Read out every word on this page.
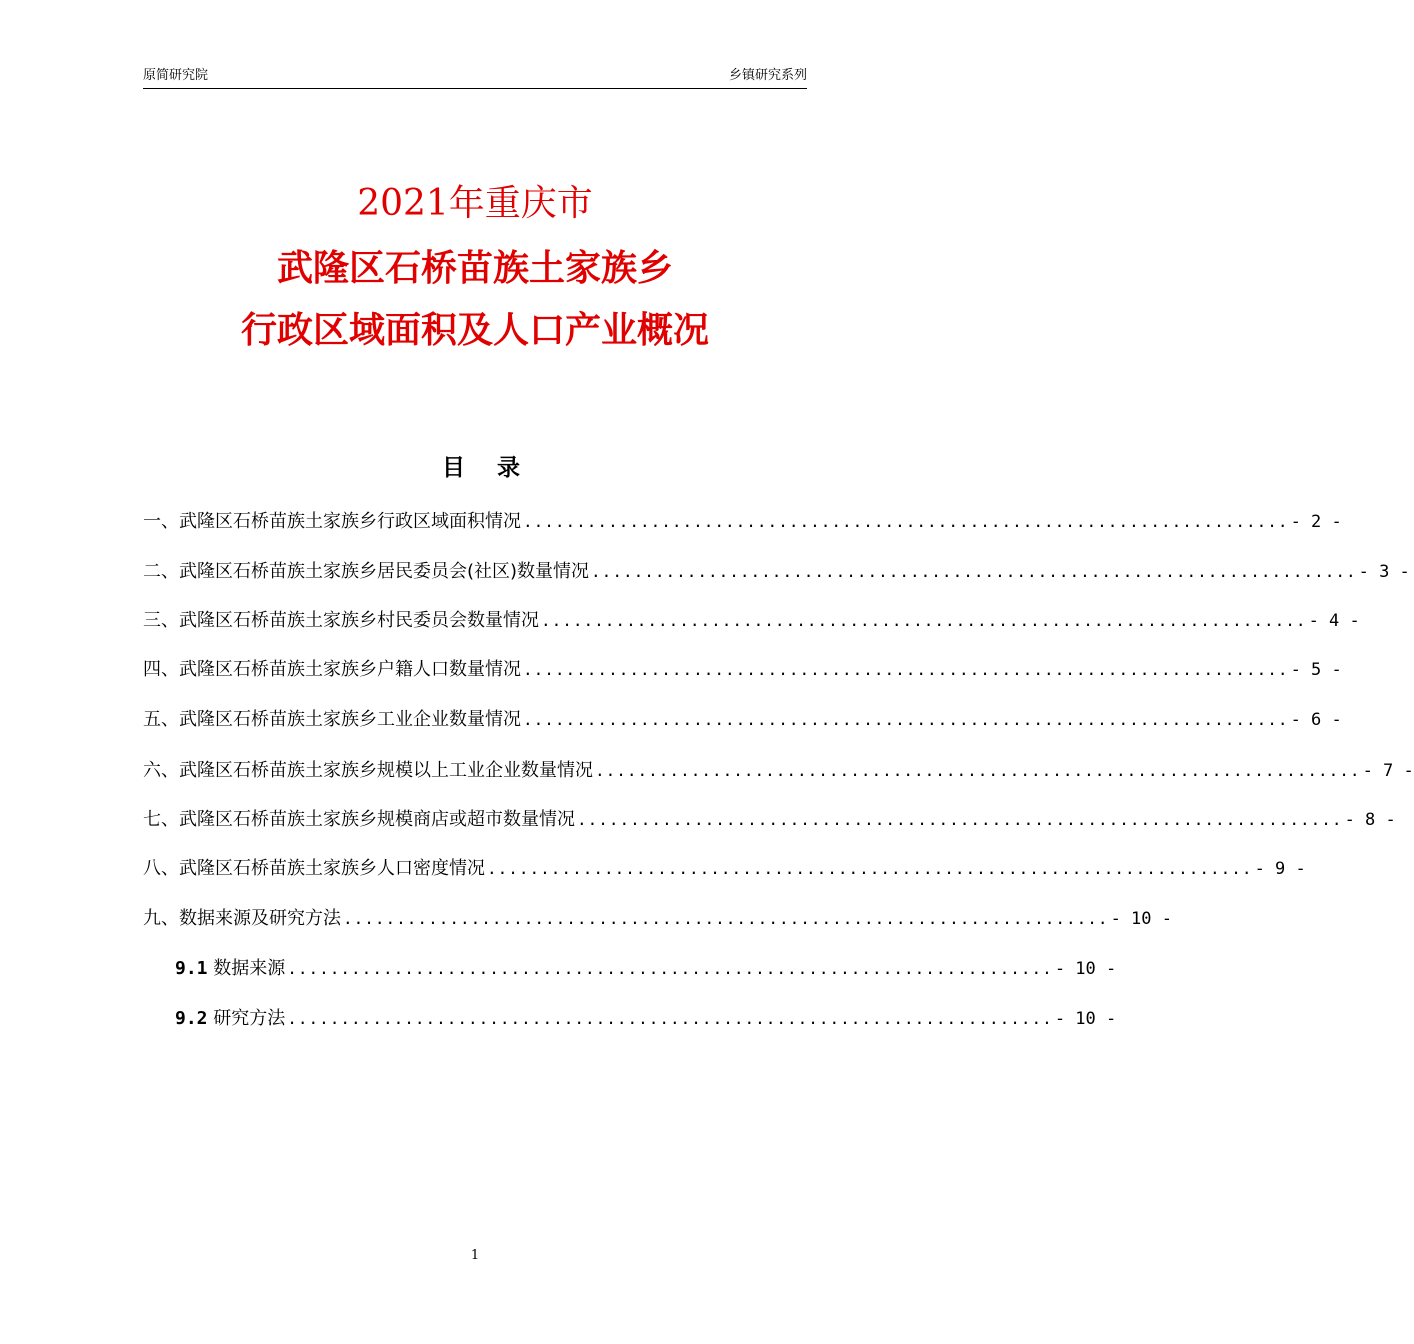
原简研究院	乡镇研究系列
2021年重庆市
武隆区石桥苗族土家族乡
行政区域面积及人口产业概况
目 录
一、武隆区石桥苗族土家族乡行政区域面积情况 ........................................................................ - 2 -
二、武隆区石桥苗族土家族乡居民委员会(社区)数量情况 ........................................................................ - 3 -
三、武隆区石桥苗族土家族乡村民委员会数量情况 ........................................................................ - 4 -
四、武隆区石桥苗族土家族乡户籍人口数量情况 ........................................................................ - 5 -
五、武隆区石桥苗族土家族乡工业企业数量情况 ........................................................................ - 6 -
六、武隆区石桥苗族土家族乡规模以上工业企业数量情况 ........................................................................ - 7 -
七、武隆区石桥苗族土家族乡规模商店或超市数量情况 ........................................................................ - 8 -
八、武隆区石桥苗族土家族乡人口密度情况 ........................................................................ - 9 -
九、数据来源及研究方法 ........................................................................ - 10 -
9.1 数据来源 ........................................................................ - 10 -
9.2 研究方法 ........................................................................ - 10 -
1
